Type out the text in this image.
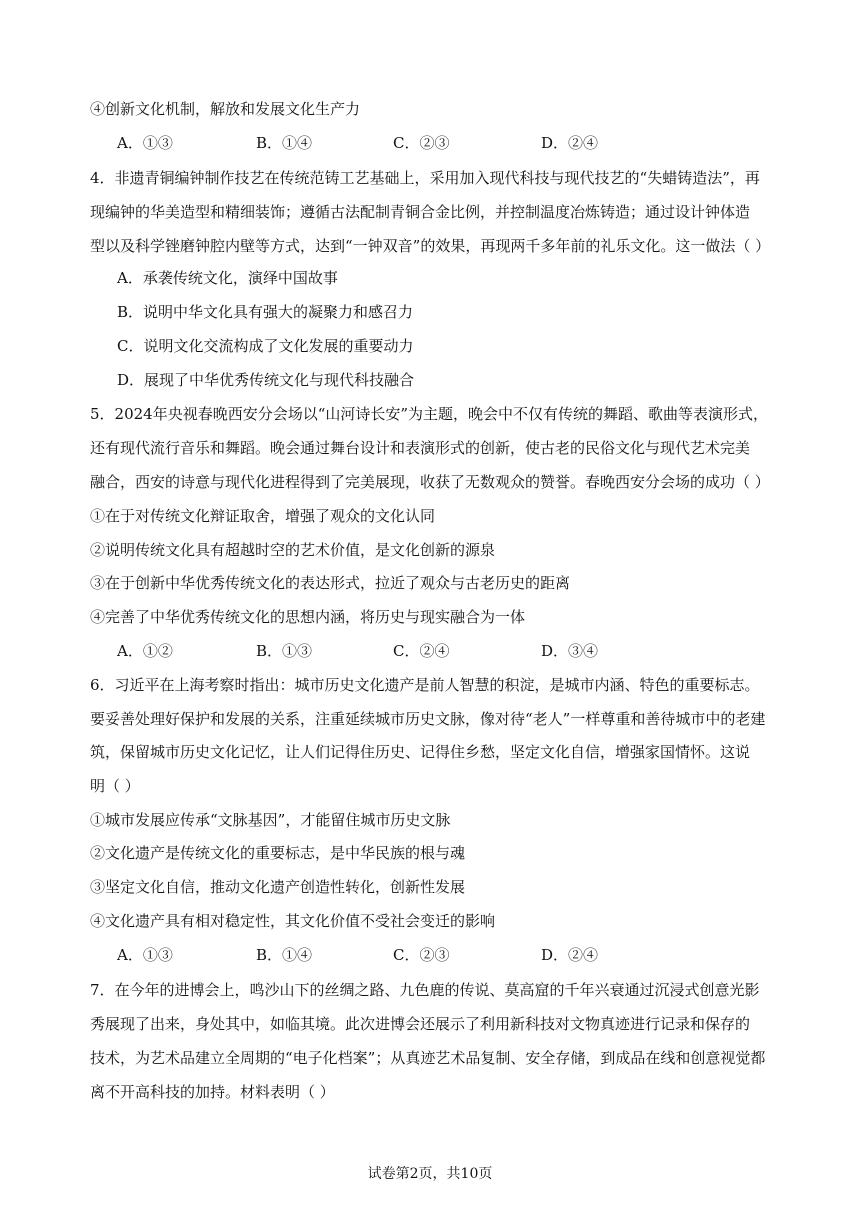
④创新文化机制，解放和发展文化生产力
A．①③	B．①④	C．②③	D．②④
4．非遗青铜编钟制作技艺在传统范铸工艺基础上，采用加入现代科技与现代技艺的“失蜡铸造法”，再
现编钟的华美造型和精细装饰；遵循古法配制青铜合金比例，并控制温度冶炼铸造；通过设计钟体造
型以及科学锉磨钟腔内壁等方式，达到“一钟双音”的效果，再现两千多年前的礼乐文化。这一做法（ ）
A．承袭传统文化，演绎中国故事
B．说明中华文化具有强大的凝聚力和感召力
C．说明文化交流构成了文化发展的重要动力
D．展现了中华优秀传统文化与现代科技融合
5．2024年央视春晚西安分会场以“山河诗长安”为主题，晚会中不仅有传统的舞蹈、歌曲等表演形式，
还有现代流行音乐和舞蹈。晚会通过舞台设计和表演形式的创新，使古老的民俗文化与现代艺术完美
融合，西安的诗意与现代化进程得到了完美展现，收获了无数观众的赞誉。春晚西安分会场的成功（ ）
①在于对传统文化辩证取舍，增强了观众的文化认同
②说明传统文化具有超越时空的艺术价值，是文化创新的源泉
③在于创新中华优秀传统文化的表达形式，拉近了观众与古老历史的距离
④完善了中华优秀传统文化的思想内涵，将历史与现实融合为一体
A．①②	B．①③	C．②④	D．③④
6．习近平在上海考察时指出：城市历史文化遗产是前人智慧的积淀，是城市内涵、特色的重要标志。
要妥善处理好保护和发展的关系，注重延续城市历史文脉，像对待“老人”一样尊重和善待城市中的老建
筑，保留城市历史文化记忆，让人们记得住历史、记得住乡愁，坚定文化自信，增强家国情怀。这说
明（ ）
①城市发展应传承“文脉基因”，才能留住城市历史文脉
②文化遗产是传统文化的重要标志，是中华民族的根与魂
③坚定文化自信，推动文化遗产创造性转化，创新性发展
④文化遗产具有相对稳定性，其文化价值不受社会变迁的影响
A．①③	B．①④	C．②③	D．②④
7．在今年的进博会上，鸣沙山下的丝绸之路、九色鹿的传说、莫高窟的千年兴衰通过沉浸式创意光影
秀展现了出来，身处其中，如临其境。此次进博会还展示了利用新科技对文物真迹进行记录和保存的
技术，为艺术品建立全周期的“电子化档案”；从真迹艺术品复制、安全存储，到成品在线和创意视觉都
离不开高科技的加持。材料表明（ ）
试卷第2页，共10页
